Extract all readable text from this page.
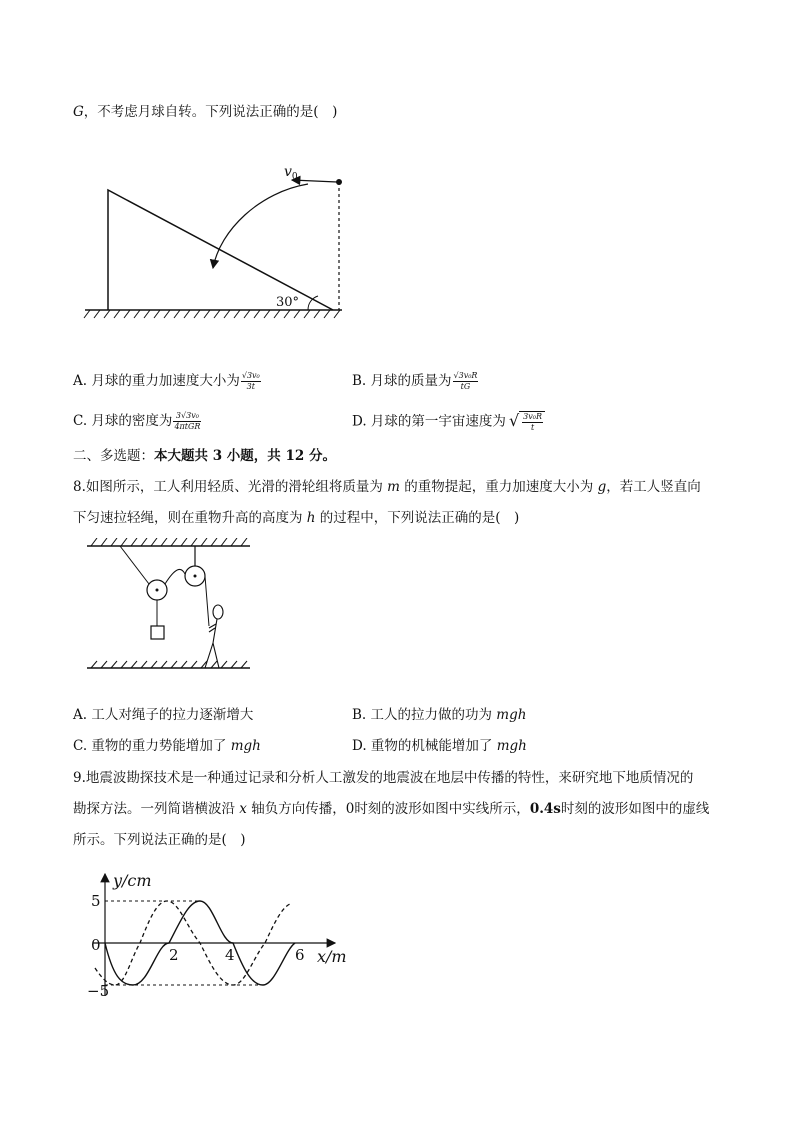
G，不考虑月球自转。下列说法正确的是(　)
$v_0$
30°
A. 月球的重力加速度大小为 $\frac{\text{√3v₀}}{3t}$	B. 月球的质量为 $\frac{\text{√3v₀R}}{tG}$
C. 月球的密度为 $\frac{\text{3√3v₀}}{\text{4πtGR}}$	D. 月球的第一宇宙速度为 √ $\frac{\text{3v₀R}}{t}$
二、多选题：本大题共 3 小题，共 12 分。
8.如图所示，工人利用轻质、光滑的滑轮组将质量为 m 的重物提起，重力加速度大小为 g，若工人竖直向
下匀速拉轻绳，则在重物升高的高度为 h 的过程中，下列说法正确的是(　)
A. 工人对绳子的拉力逐渐增大	B. 工人的拉力做的功为 mgh
C. 重物的重力势能增加了 mgh	D. 重物的机械能增加了 mgh
9.地震波勘探技术是一种通过记录和分析人工激发的地震波在地层中传播的特性，来研究地下地质情况的
勘探方法。一列简谐横波沿 x 轴负方向传播，0时刻的波形如图中实线所示，0.4s时刻的波形如图中的虚线
所示。下列说法正确的是(　)
y/cm
x/m
5
0
−5
2	4	6
